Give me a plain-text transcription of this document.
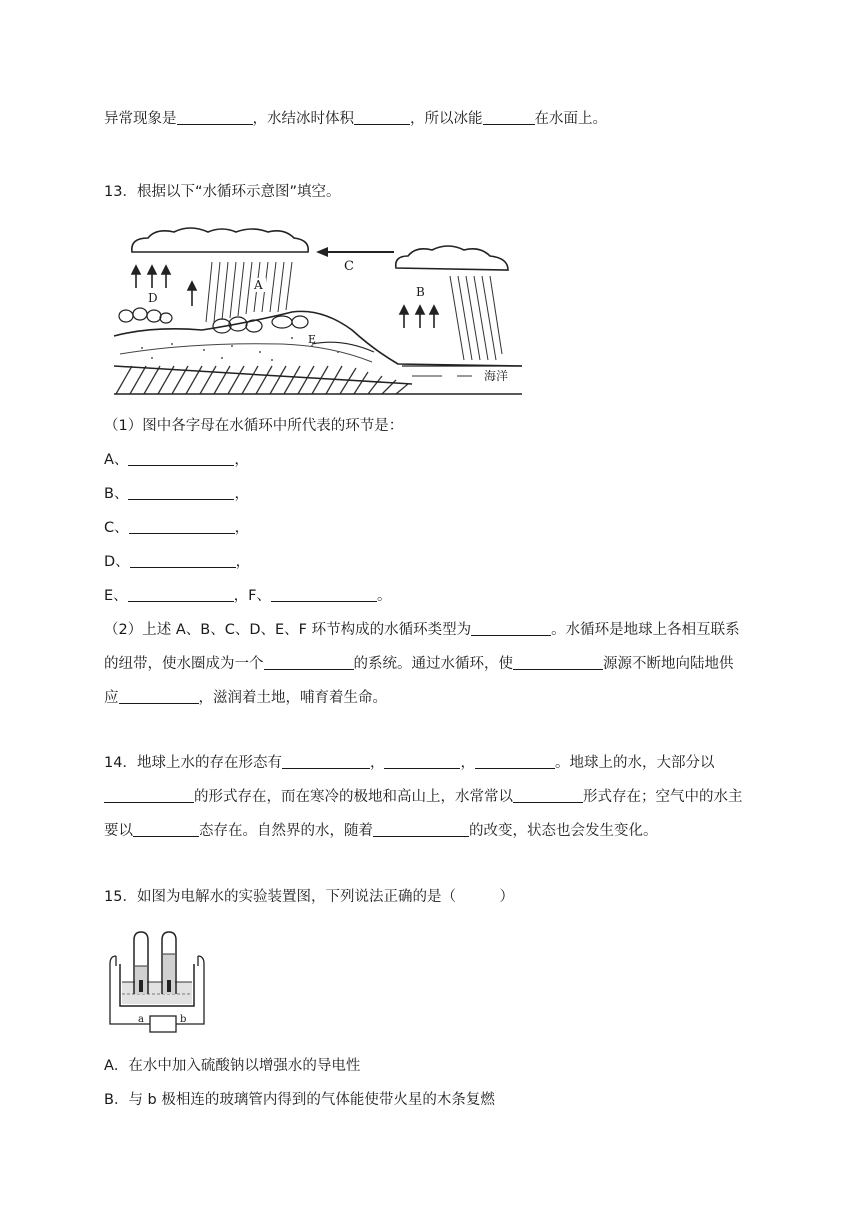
异常现象是	，水结冰时体积	，所以冰能	在水面上。
13．根据以下“水循环示意图”填空。
海洋
A
C
D	B
E
（1）图中各字母在水循环中所代表的环节是：
A、	，
B、	，
C、	，
D、	，
E、	，F、	。
（2）上述 A、B、C、D、E、F 环节构成的水循环类型为	。水循环是地球上各相互联系
的纽带，使水圈成为一个	的系统。通过水循环，使	源源不断地向陆地供
应	，滋润着土地，哺育着生命。
14．地球上水的存在形态有	，	，	。地球上的水，大部分以
的形式存在，而在寒冷的极地和高山上，水常常以	形式存在；空气中的水主
要以	态存在。自然界的水，随着	的改变，状态也会发生变化。
15．如图为电解水的实验装置图，下列说法正确的是（　　　）
a	b
A．在水中加入硫酸钠以增强水的导电性
B．与 b 极相连的玻璃管内得到的气体能使带火星的木条复燃
